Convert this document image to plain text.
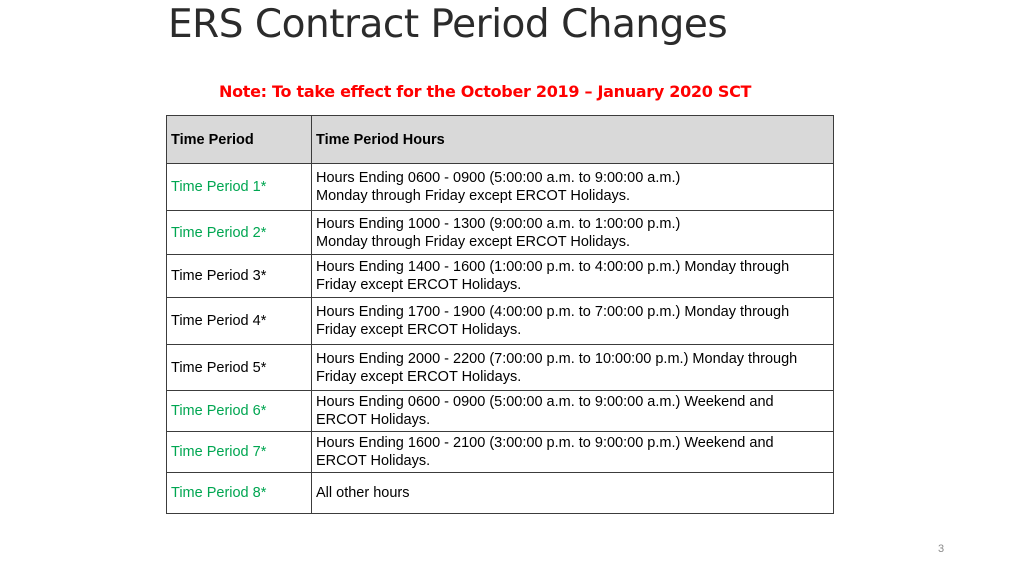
ERS Contract Period Changes
Note: To take effect for the October 2019 – January 2020 SCT
Time Period	Time Period Hours
Time Period 1*	Hours Ending 0600 - 0900 (5:00:00 a.m. to 9:00:00 a.m.)
Monday through Friday except ERCOT Holidays.
Time Period 2*	Hours Ending 1000 - 1300 (9:00:00 a.m. to 1:00:00 p.m.)
Monday through Friday except ERCOT Holidays.
Time Period 3*	Hours Ending 1400 - 1600 (1:00:00 p.m. to 4:00:00 p.m.) Monday through
Friday except ERCOT Holidays.
Time Period 4*	Hours Ending 1700 - 1900 (4:00:00 p.m. to 7:00:00 p.m.) Monday through
Friday except ERCOT Holidays.
Time Period 5*	Hours Ending 2000 - 2200 (7:00:00 p.m. to 10:00:00 p.m.) Monday through
Friday except ERCOT Holidays.
Time Period 6*	Hours Ending 0600 - 0900 (5:00:00 a.m. to 9:00:00 a.m.) Weekend and
ERCOT Holidays.
Time Period 7*	Hours Ending 1600 - 2100 (3:00:00 p.m. to 9:00:00 p.m.) Weekend and
ERCOT Holidays.
Time Period 8*	All other hours
3
